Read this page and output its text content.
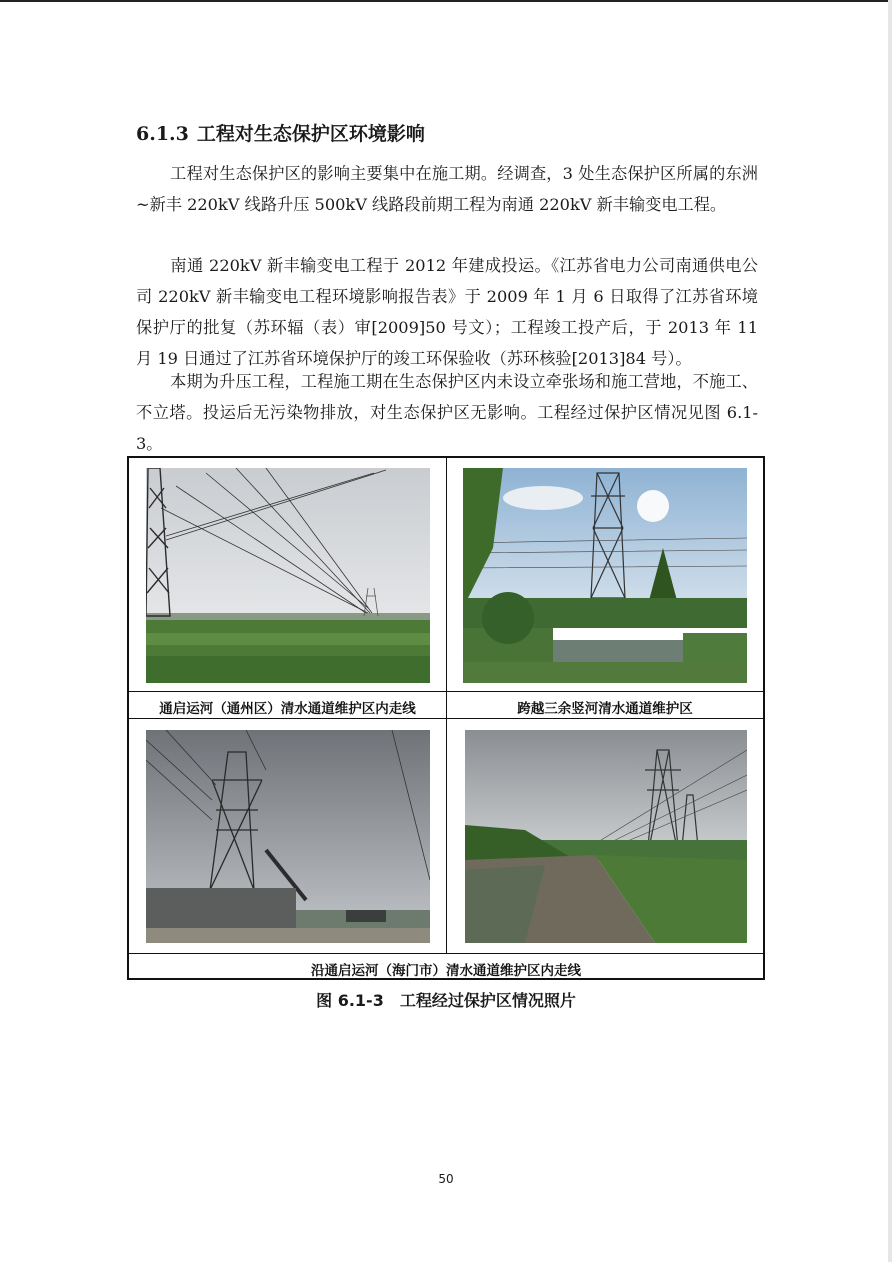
6.1.3 工程对生态保护区环境影响
工程对生态保护区的影响主要集中在施工期。经调查，3 处生态保护区所属的东洲~新丰 220kV 线路升压 500kV 线路段前期工程为南通 220kV 新丰输变电工程。
南通 220kV 新丰输变电工程于 2012 年建成投运。《江苏省电力公司南通供电公司 220kV 新丰输变电工程环境影响报告表》于 2009 年 1 月 6 日取得了江苏省环境保护厅的批复（苏环辐（表）审[2009]50 号文）；工程竣工投产后，于 2013 年 11 月 19 日通过了江苏省环境保护厅的竣工环保验收（苏环核验[2013]84 号）。
本期为升压工程，工程施工期在生态保护区内未设立牵张场和施工营地，不施工、不立塔。投运后无污染物排放，对生态保护区无影响。工程经过保护区情况见图 6.1-3。
通启运河（通州区）清水通道维护区内走线	跨越三余竖河清水通道维护区
沿通启运河（海门市）清水通道维护区内走线
图 6.1-3　工程经过保护区情况照片
50
